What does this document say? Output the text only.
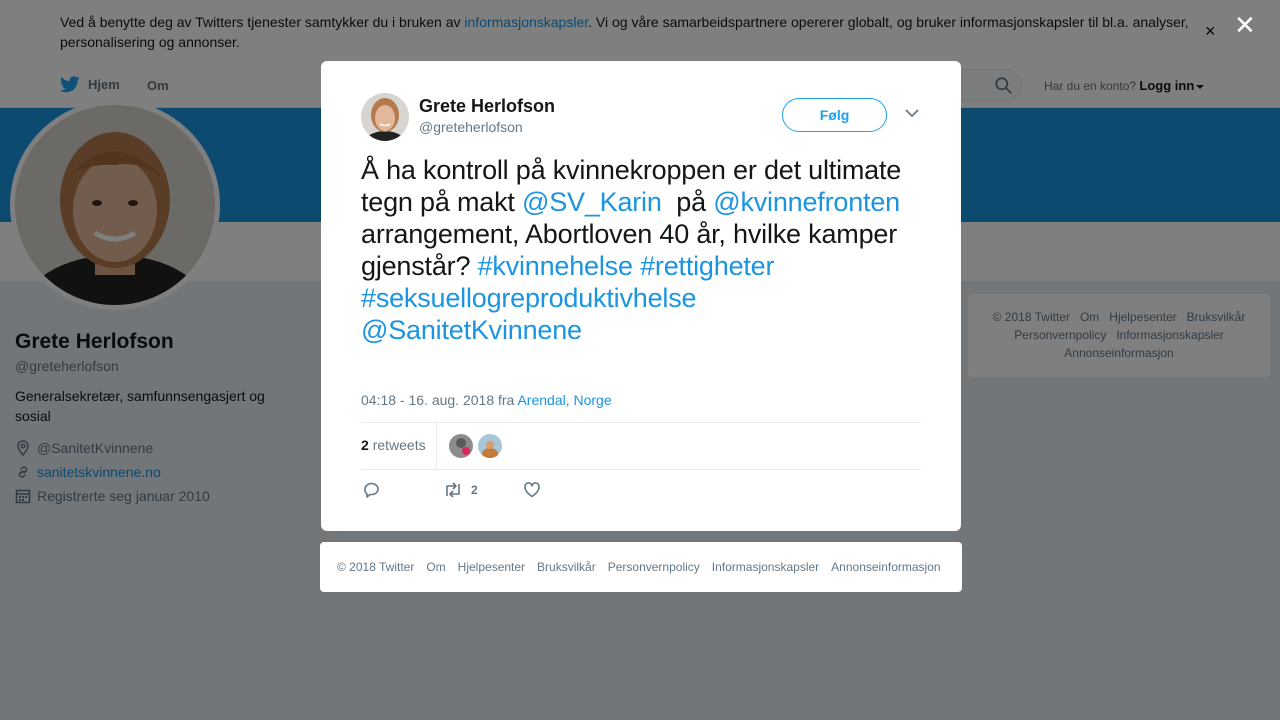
✕
Grete Herlofson
@greteherlofson
Følg
Å ha kontroll på kvinnekroppen er det ultimate tegn på makt @SV_Karin  på @kvinnefronten arrangement, Abortloven 40 år, hvilke kamper gjenstår? #kvinnehelse #rettigheter #seksuellogreproduktivhelse @SanitetKvinnene
04:18 - 16. aug. 2018 fra Arendal, Norge
2 retweets
2
© 2018 Twitter Om Hjelpesenter Bruksvilkår Personvernpolicy Informasjonskapsler Annonseinformasjon
